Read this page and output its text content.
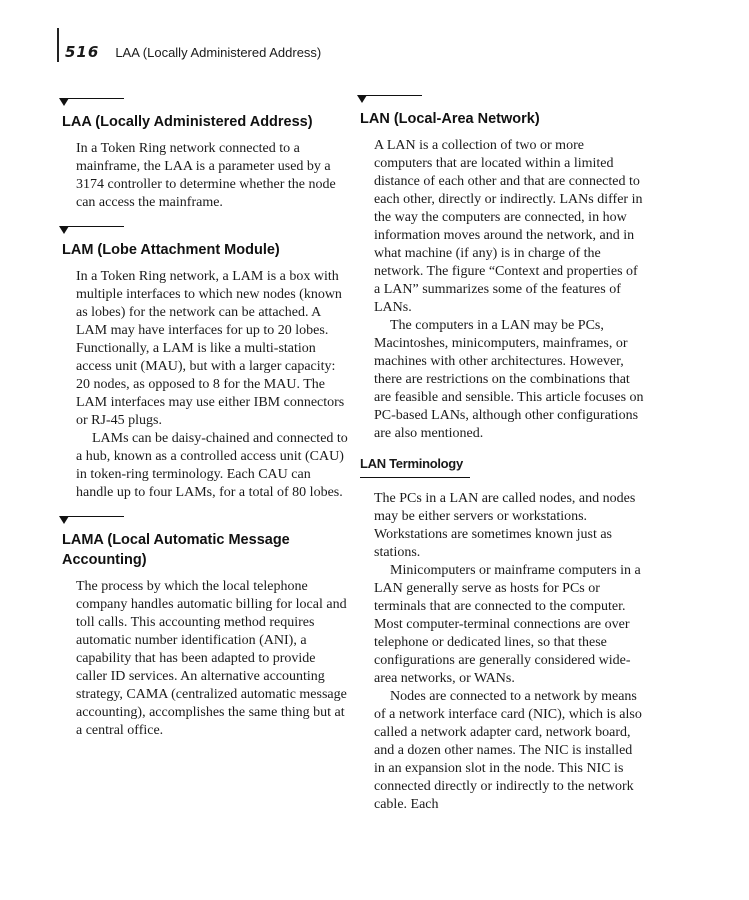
516 LAA (Locally Administered Address)
LAA (Locally Administered Address)

In a Token Ring network connected to a mainframe, the LAA is a parameter used by a 3174 controller to determine whether the node can access the mainframe.

LAM (Lobe Attachment Module)

In a Token Ring network, a LAM is a box with multiple interfaces to which new nodes (known as lobes) for the network can be attached. A LAM may have interfaces for up to 20 lobes. Functionally, a LAM is like a multi-station access unit (MAU), but with a larger capacity: 20 nodes, as opposed to 8 for the MAU. The LAM interfaces may use either IBM connectors or RJ-45 plugs.

LAMs can be daisy-chained and connected to a hub, known as a controlled access unit (CAU) in token-ring terminology. Each CAU can handle up to four LAMs, for a total of 80 lobes.

LAMA (Local Automatic Message Accounting)

The process by which the local telephone company handles automatic billing for local and toll calls. This accounting method requires automatic number identification (ANI), a capability that has been adapted to provide caller ID services. An alternative accounting strategy, CAMA (centralized automatic message accounting), accomplishes the same thing but at a central office.

LAN (Local-Area Network)

A LAN is a collection of two or more computers that are located within a limited distance of each other and that are connected to each other, directly or indirectly. LANs differ in the way the computers are connected, in how information moves around the network, and in what machine (if any) is in charge of the network. The figure “Context and properties of a LAN” summarizes some of the features of LANs.

The computers in a LAN may be PCs, Macintoshes, minicomputers, mainframes, or machines with other architectures. However, there are restrictions on the combinations that are feasible and sensible. This article focuses on PC-based LANs, although other configurations are also mentioned.

LAN Terminology

The PCs in a LAN are called nodes, and nodes may be either servers or workstations. Workstations are sometimes known just as stations.

Minicomputers or mainframe computers in a LAN generally serve as hosts for PCs or terminals that are connected to the computer. Most computer-terminal connections are over telephone or dedicated lines, so that these configurations are generally considered wide-area networks, or WANs.

Nodes are connected to a network by means of a network interface card (NIC), which is also called a network adapter card, network board, and a dozen other names. The NIC is installed in an expansion slot in the node. This NIC is connected directly or indirectly to the network cable. Each
